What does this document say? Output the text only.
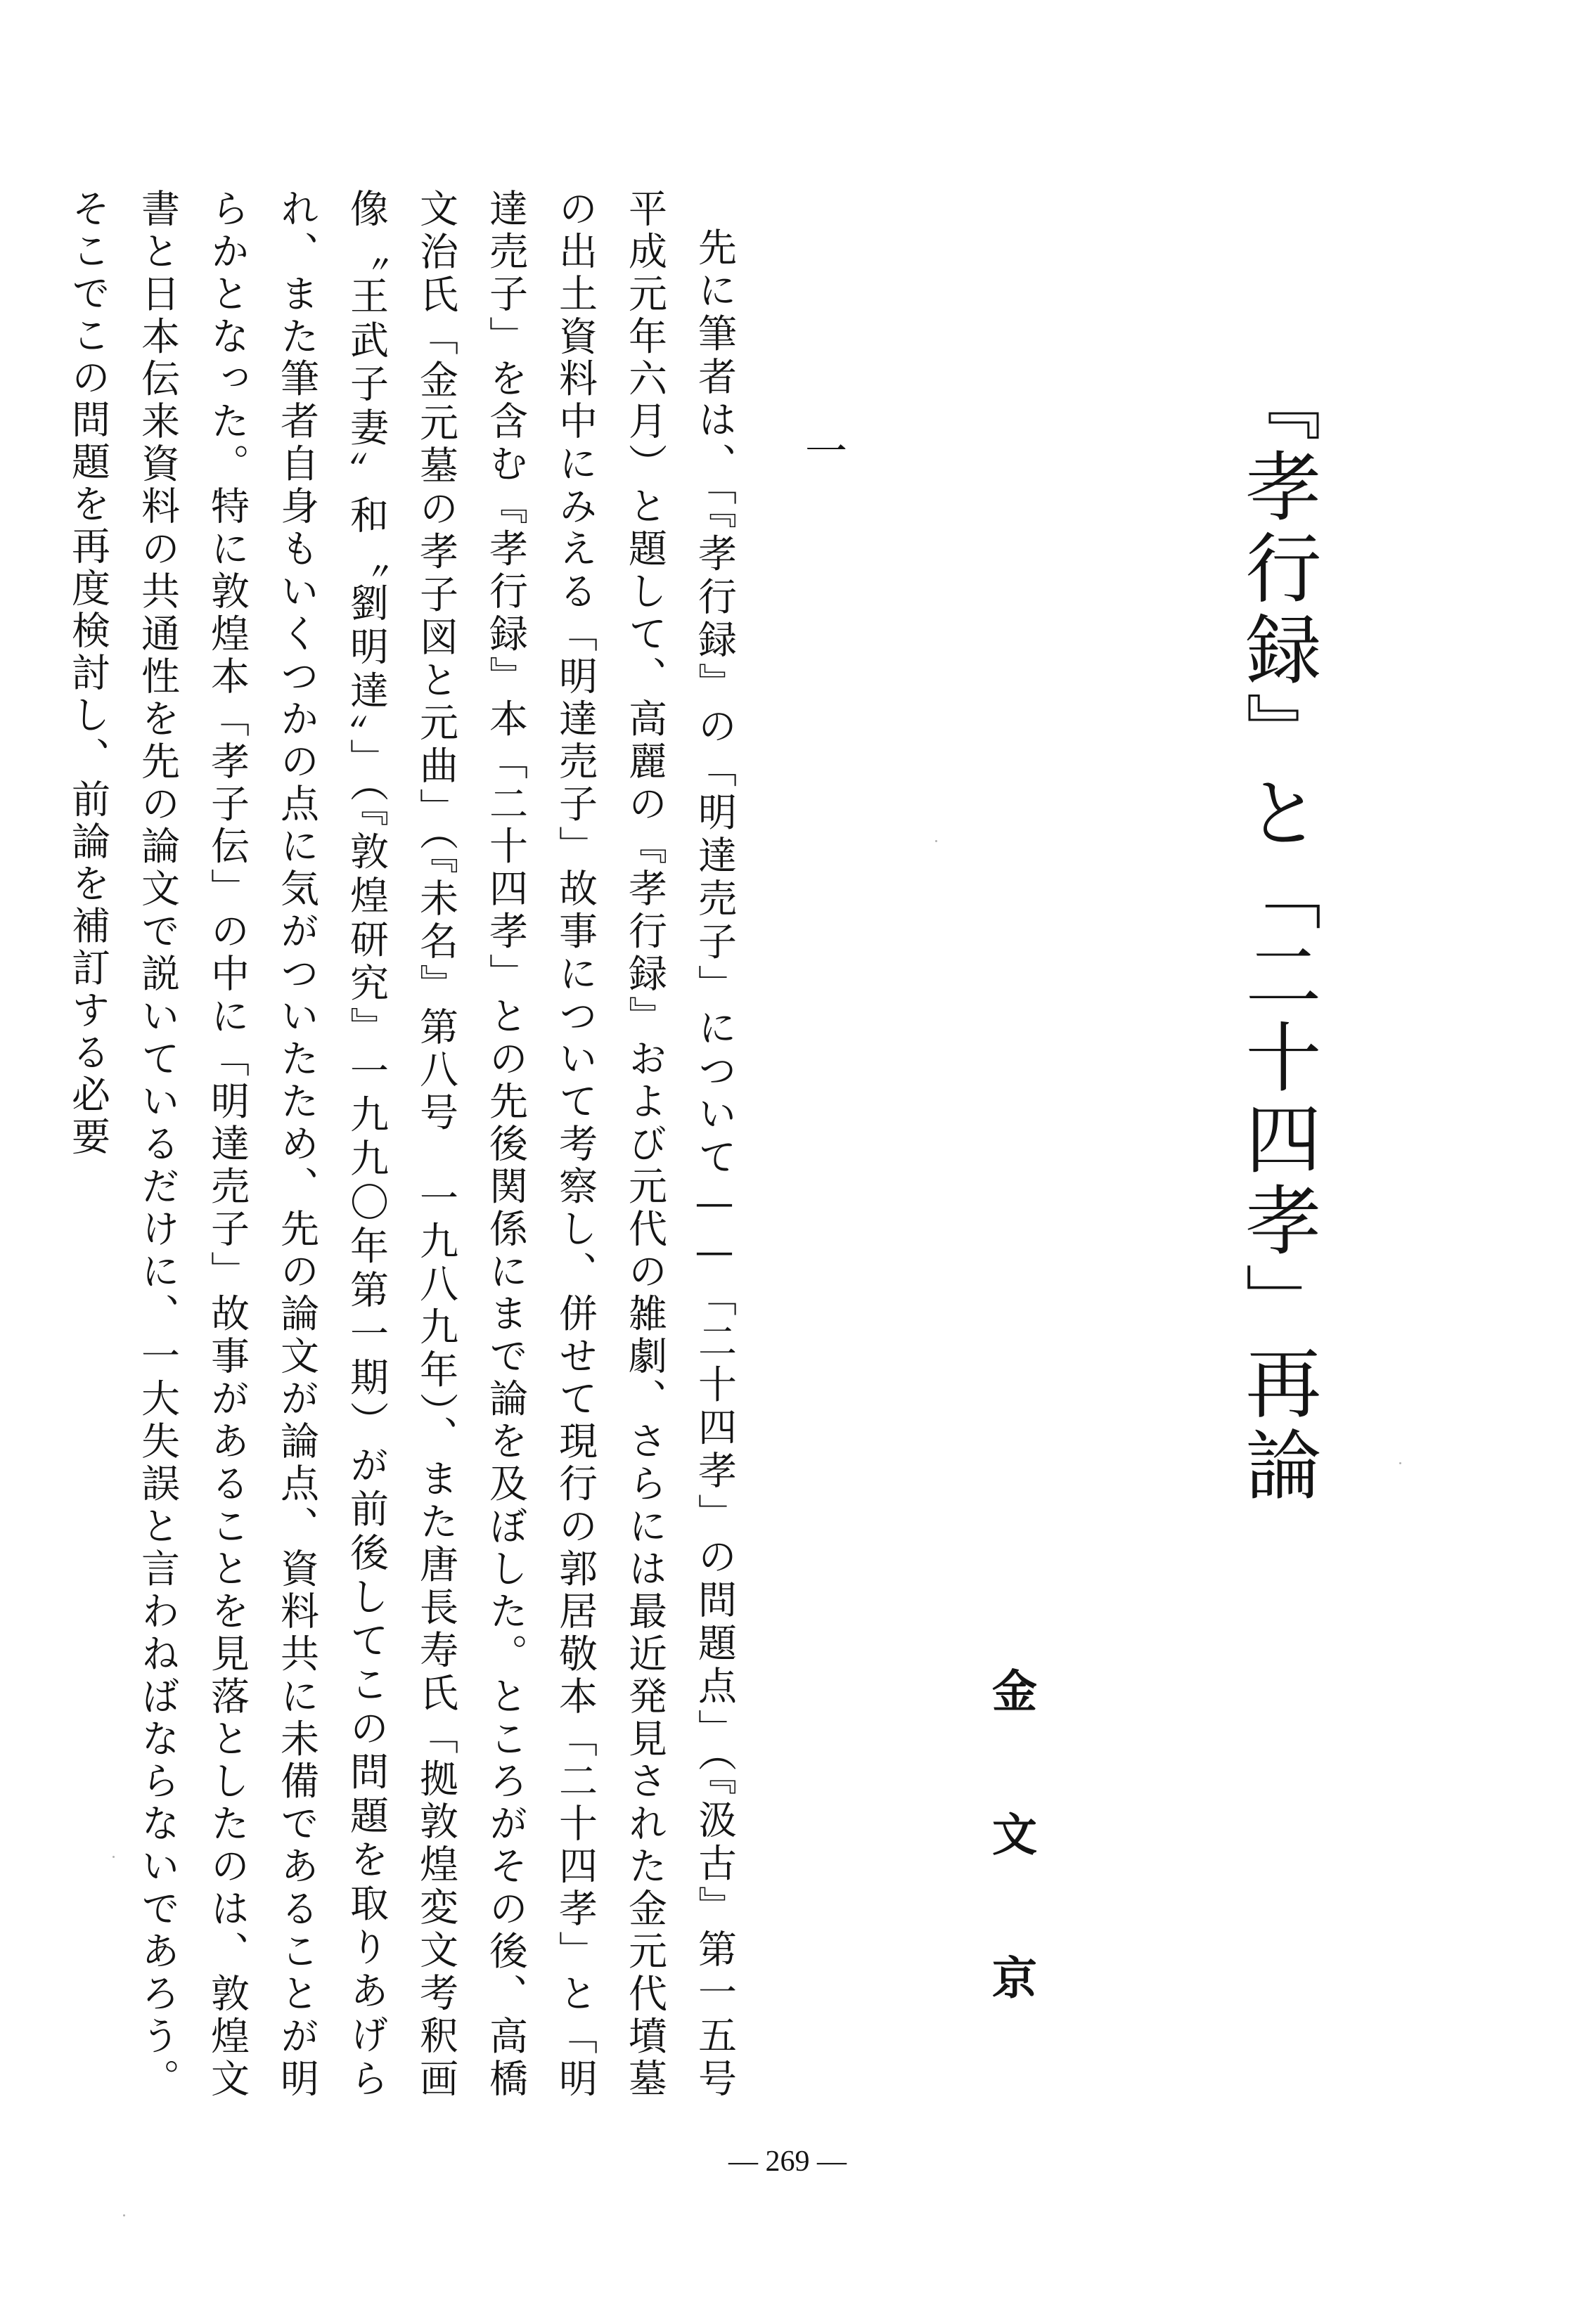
『孝行録』と「二十四孝」再論
金文京
一

先に筆者は、「『孝行録』の「明達売子」について——「二十四孝」の問題点」（『汲古』第一五号　平成元年六月）と題して、高麗の『孝行録』および元代の雑劇、さらには最近発見された金元代墳墓の出土資料中にみえる「明達売子」故事について考察し、併せて現行の郭居敬本「二十四孝」と「明達売子」を含む『孝行録』本「二十四孝」との先後関係にまで論を及ぼした。ところがその後、高橋文治氏「金元墓の孝子図と元曲」（『未名』第八号　一九八九年）、また唐長寿氏「拠敦煌変文考釈画像〝王武子妻〟和〝劉明達〟」（『敦煌研究』一九九〇年第一期）が前後してこの問題を取りあげられ、また筆者自身もいくつかの点に気がついたため、先の論文が論点、資料共に未備であることが明らかとなった。特に敦煌本「孝子伝」の中に「明達売子」故事があることを見落としたのは、敦煌文書と日本伝来資料の共通性を先の論文で説いているだけに、一大失誤と言わねばならないであろう。そこでこの問題を再度検討し、前論を補訂する必要

— 269 —
